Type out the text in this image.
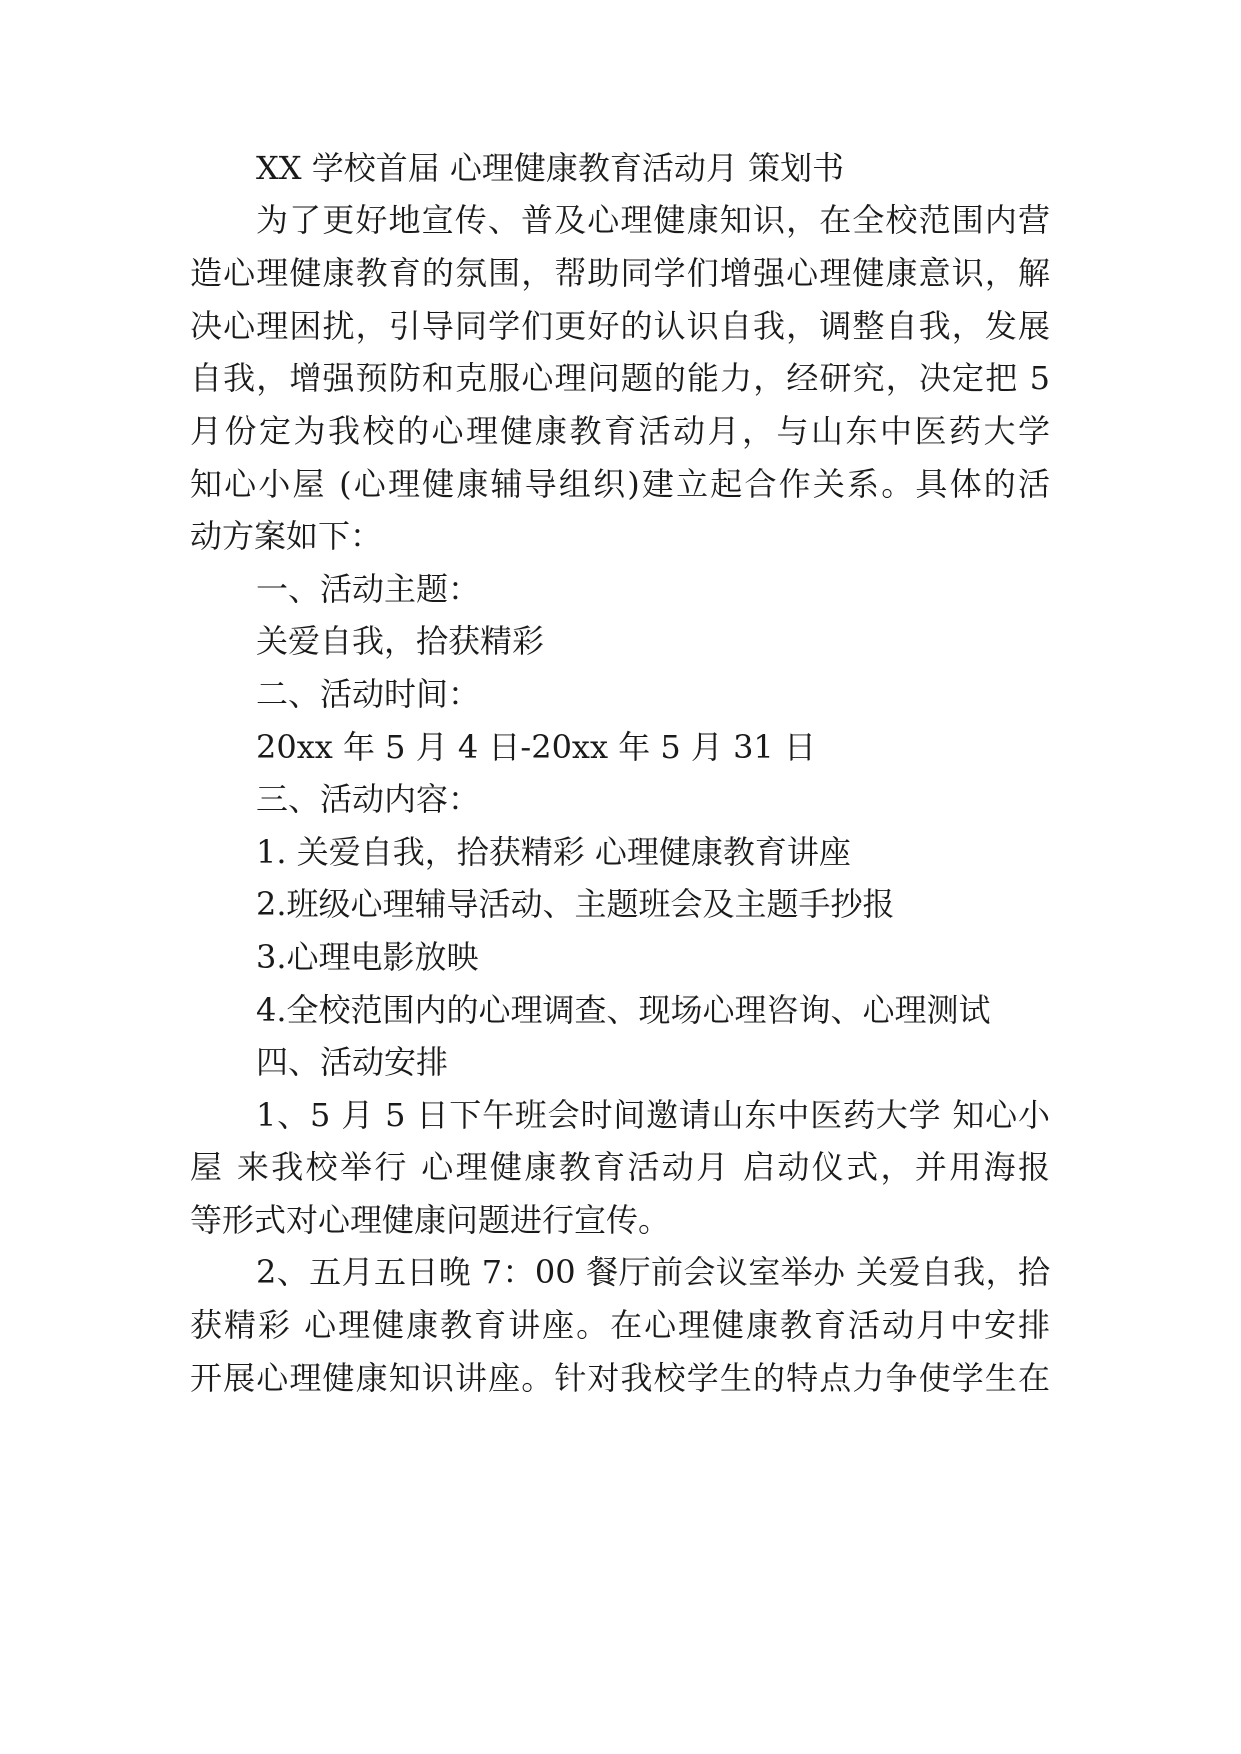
XX 学校首届 心理健康教育活动月 策划书
为了更好地宣传、普及心理健康知识，在全校范围内营
造心理健康教育的氛围，帮助同学们增强心理健康意识，解
决心理困扰，引导同学们更好的认识自我，调整自我，发展
自我，增强预防和克服心理问题的能力，经研究，决定把 5
月份定为我校的心理健康教育活动月，与山东中医药大学
知心小屋 (心理健康辅导组织)建立起合作关系。具体的活
动方案如下：
一、活动主题：
关爱自我，拾获精彩
二、活动时间：
20xx 年 5 月 4 日-20xx 年 5 月 31 日
三、活动内容：
1. 关爱自我，拾获精彩 心理健康教育讲座
2.班级心理辅导活动、主题班会及主题手抄报
3.心理电影放映
4.全校范围内的心理调查、现场心理咨询、心理测试
四、活动安排
1、5 月 5 日下午班会时间邀请山东中医药大学 知心小
屋 来我校举行 心理健康教育活动月 启动仪式，并用海报
等形式对心理健康问题进行宣传。
2、五月五日晚 7：00 餐厅前会议室举办 关爱自我，拾
获精彩 心理健康教育讲座。在心理健康教育活动月中安排
开展心理健康知识讲座。针对我校学生的特点力争使学生在
